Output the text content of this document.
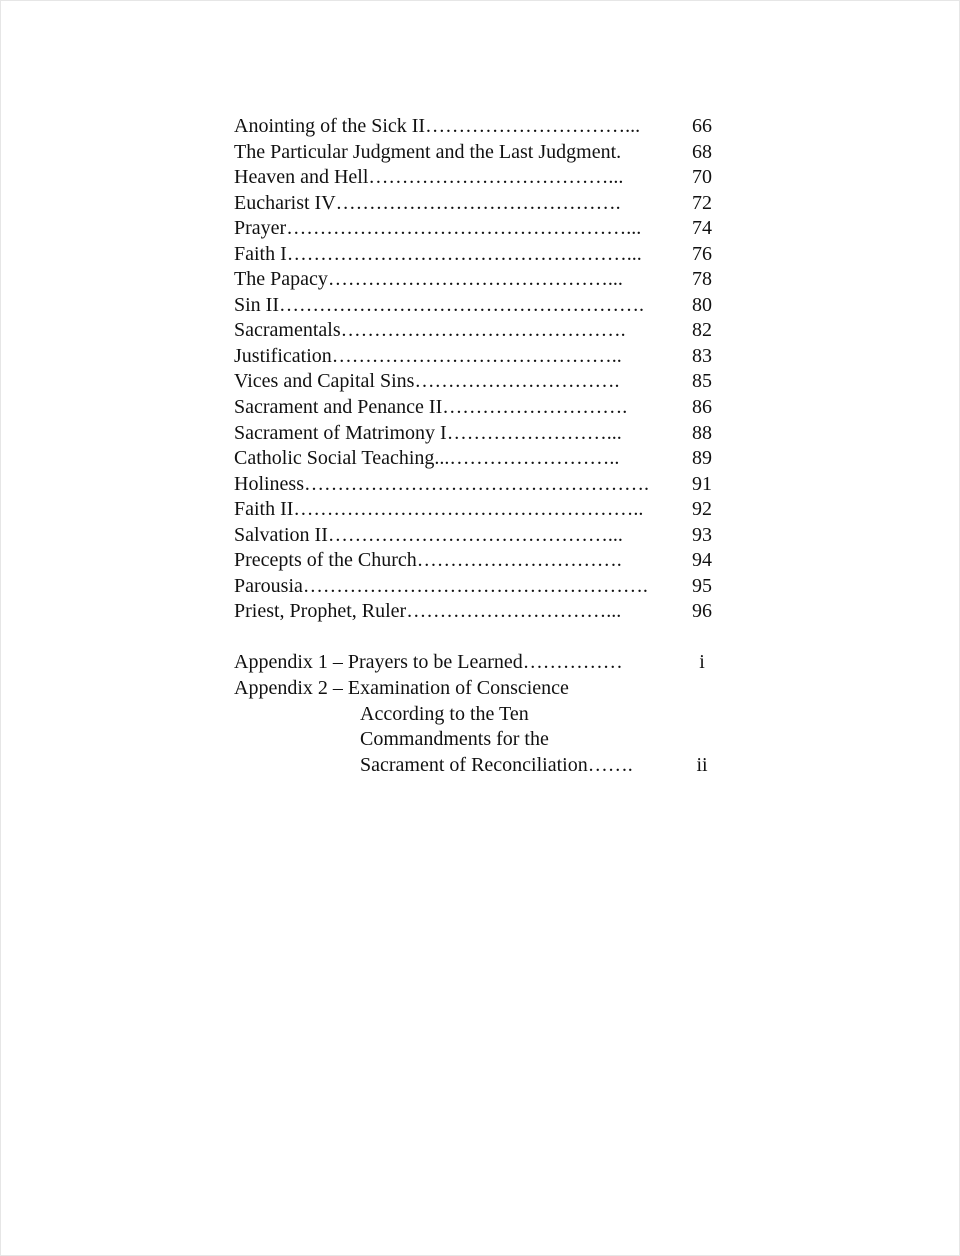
Anointing of the Sick II…………………………...	66
The Particular Judgment and the Last Judgment.	68
Heaven and Hell………………………………...	70
Eucharist IV…………………………………….	72
Prayer……………………………………………...	74
Faith I……………………………………………...	76
The Papacy……………………………………...	78
Sin II……………………………………………….	80
Sacramentals…………………………………….	82
Justification……………………………………..	83
Vices and Capital Sins………………………….	85
Sacrament and Penance II……………………….	86
Sacrament of Matrimony I……………………...	88
Catholic Social Teaching...……………………..	89
Holiness…………………………………………….	91
Faith II……………………………………………..	92
Salvation II……………………………………...	93
Precepts of the Church………………………….	94
Parousia…………………………………………….	95
Priest, Prophet, Ruler…………………………...	96
Appendix 1 – Prayers to be Learned……………	i
Appendix 2 – Examination of Conscience
According to the Ten
Commandments for the
Sacrament of Reconciliation…….	ii
